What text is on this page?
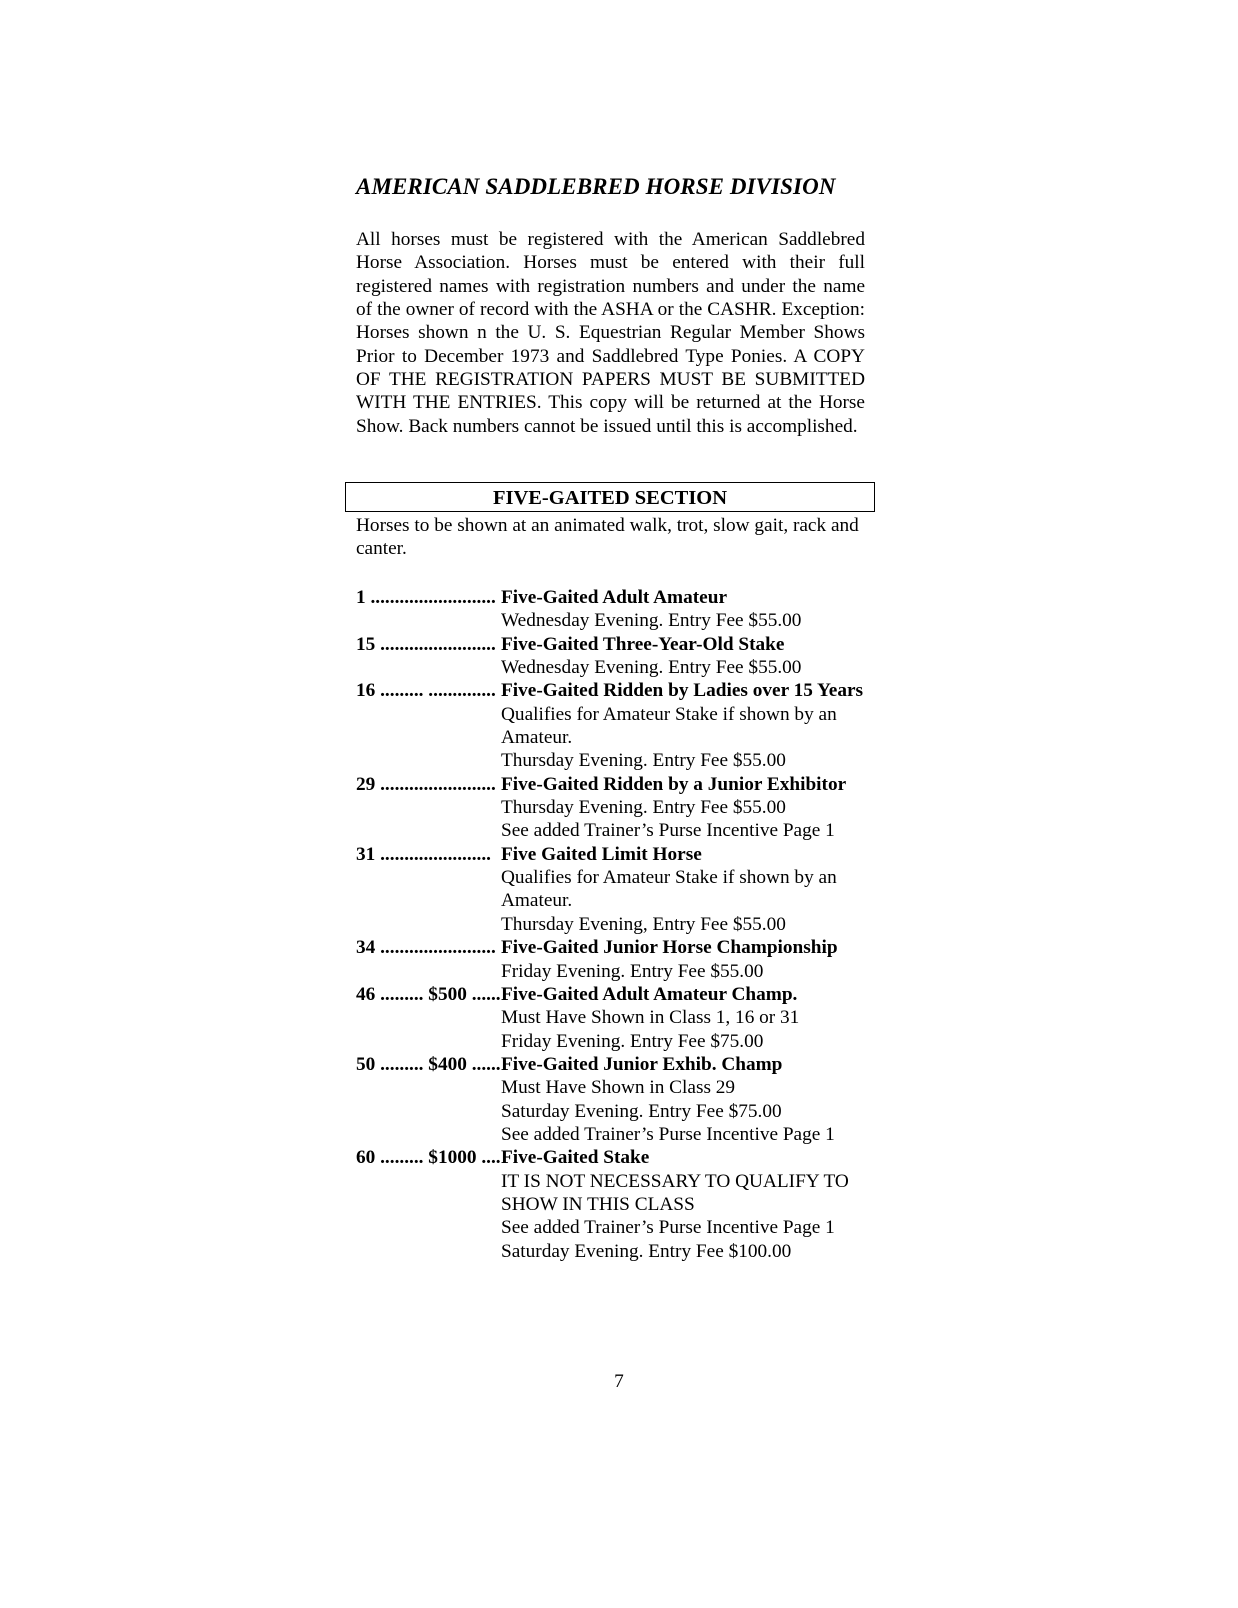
AMERICAN SADDLEBRED HORSE DIVISION

All horses must be registered with the American Saddlebred Horse Association. Horses must be entered with their full registered names with registration numbers and under the name of the owner of record with the ASHA or the CASHR. Exception: Horses shown n the U. S. Equestrian Regular Member Shows Prior to December 1973 and Saddlebred Type Ponies. A COPY OF THE REGISTRATION PAPERS MUST BE SUBMITTED WITH THE ENTRIES. This copy will be returned at the Horse Show. Back numbers cannot be issued until this is accomplished.

FIVE-GAITED SECTION

Horses to be shown at an animated walk, trot, slow gait, rack and canter.

1 .......................... Five-Gaited Adult Amateur
Wednesday Evening. Entry Fee $55.00
15 ........................ Five-Gaited Three-Year-Old Stake
Wednesday Evening. Entry Fee $55.00
16 ......... .............. Five-Gaited Ridden by Ladies over 15 Years
Qualifies for Amateur Stake if shown by an Amateur.
Thursday Evening. Entry Fee $55.00
29 ........................ Five-Gaited Ridden by a Junior Exhibitor
Thursday Evening. Entry Fee $55.00
See added Trainer’s Purse Incentive Page 1
31 ....................... Five Gaited Limit Horse
Qualifies for Amateur Stake if shown by an Amateur.
Thursday Evening, Entry Fee $55.00
34 ........................ Five-Gaited Junior Horse Championship
Friday Evening. Entry Fee $55.00
46 ......... $500 ...... Five-Gaited Adult Amateur Champ.
Must Have Shown in Class 1, 16 or 31
Friday Evening. Entry Fee $75.00
50 ......... $400 ...... Five-Gaited Junior Exhib. Champ
Must Have Shown in Class 29
Saturday Evening. Entry Fee $75.00
See added Trainer’s Purse Incentive Page 1
60 ......... $1000 .... Five-Gaited Stake
IT IS NOT NECESSARY TO QUALIFY TO SHOW IN THIS CLASS
See added Trainer’s Purse Incentive Page 1
Saturday Evening. Entry Fee $100.00
7
